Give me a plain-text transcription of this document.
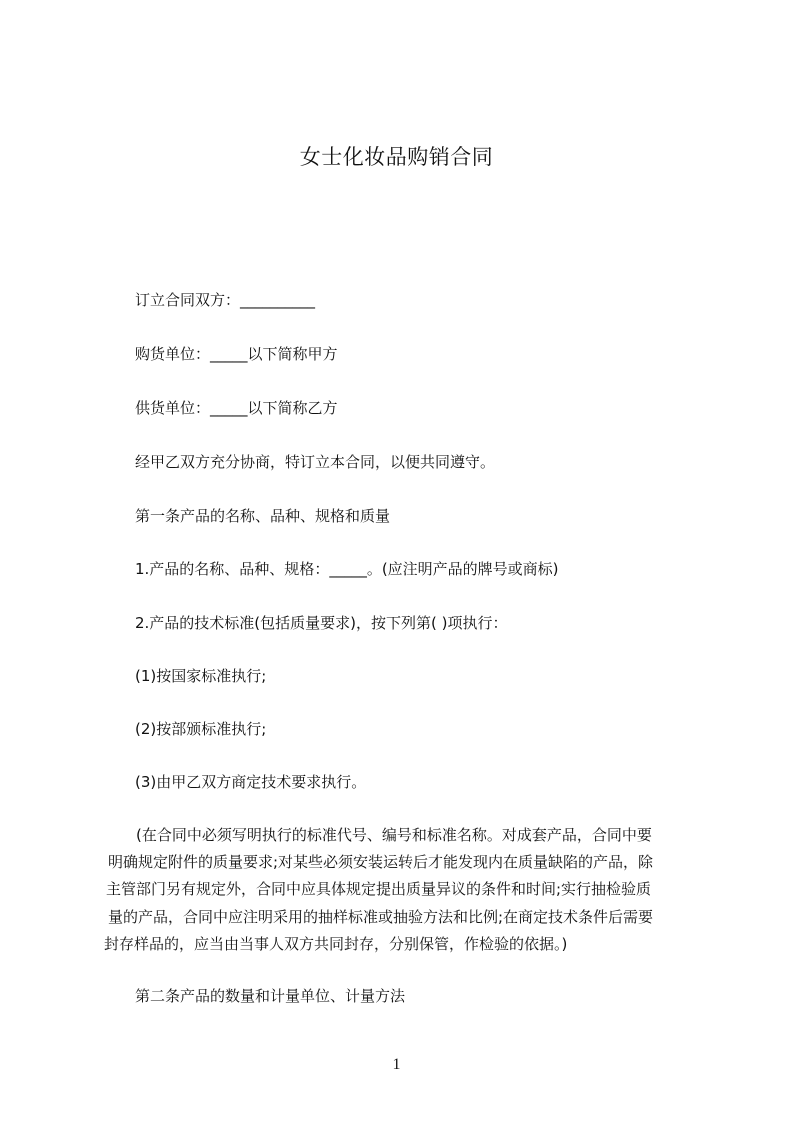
女士化妆品购销合同
订立合同双方：__________
购货单位：_____以下简称甲方
供货单位：_____以下简称乙方
经甲乙双方充分协商，特订立本合同，以便共同遵守。
第一条产品的名称、品种、规格和质量
1.产品的名称、品种、规格：_____。(应注明产品的牌号或商标)
2.产品的技术标准(包括质量要求)，按下列第( )项执行：
(1)按国家标准执行;
(2)按部颁标准执行;
(3)由甲乙双方商定技术要求执行。
(在合同中必须写明执行的标准代号、编号和标准名称。对成套产品，合同中要
明确规定附件的质量要求;对某些必须安装运转后才能发现内在质量缺陷的产品，除
主管部门另有规定外，合同中应具体规定提出质量异议的条件和时间;实行抽检验质
量的产品，合同中应注明采用的抽样标准或抽验方法和比例;在商定技术条件后需要
封存样品的，应当由当事人双方共同封存，分别保管，作检验的依据。)
第二条产品的数量和计量单位、计量方法
1
